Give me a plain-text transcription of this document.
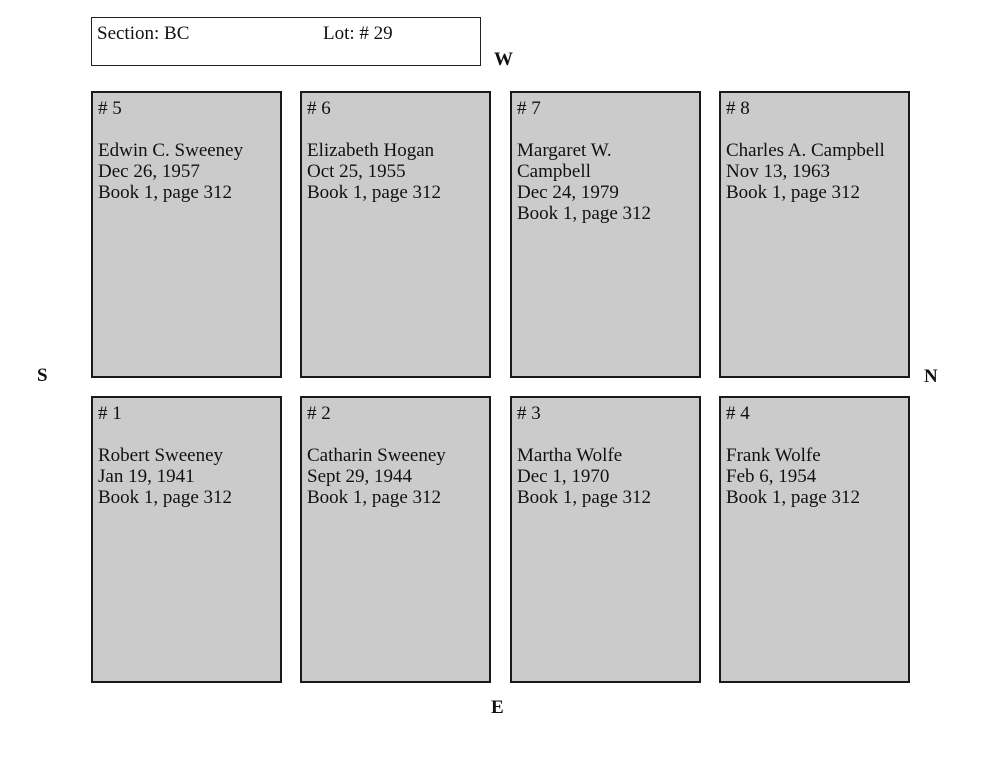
Section: BC	Lot: # 29
W
S	N
E
# 5
Edwin C. Sweeney
Dec 26, 1957
Book 1, page 312
# 6
Elizabeth Hogan
Oct 25, 1955
Book 1, page 312
# 7
Margaret W.
Campbell
Dec 24, 1979
Book 1, page 312
# 8
Charles A. Campbell
Nov 13, 1963
Book 1, page 312
# 1
Robert Sweeney
Jan 19, 1941
Book 1, page 312
# 2
Catharin Sweeney
Sept 29, 1944
Book 1, page 312
# 3
Martha Wolfe
Dec 1, 1970
Book 1, page 312
# 4
Frank Wolfe
Feb 6, 1954
Book 1, page 312
